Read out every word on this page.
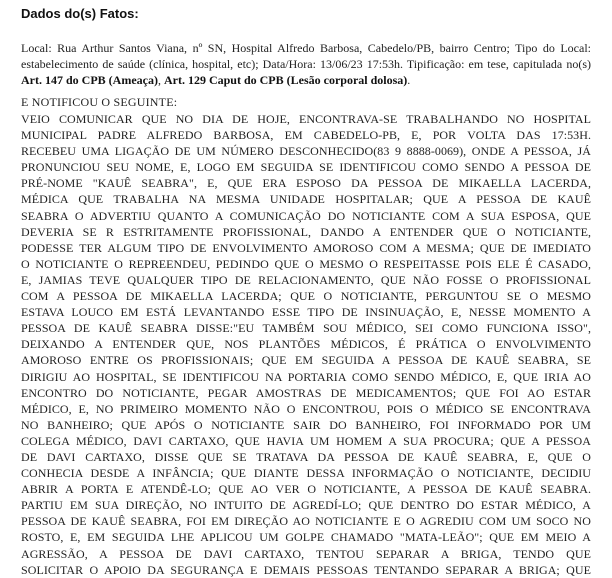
Dados do(s) Fatos:
Local: Rua Arthur Santos Viana, nº SN, Hospital Alfredo Barbosa, Cabedelo/PB, bairro Centro; Tipo do Local: estabelecimento de saúde (clínica, hospital, etc); Data/Hora: 13/06/23 17:53h. Tipificação: em tese, capitulada no(s) Art. 147 do CPB (Ameaça), Art. 129 Caput do CPB (Lesão corporal dolosa).
E NOTIFICOU O SEGUINTE:
VEIO COMUNICAR QUE NO DIA DE HOJE, ENCONTRAVA-SE TRABALHANDO NO HOSPITAL
MUNICIPAL PADRE ALFREDO BARBOSA, EM CABEDELO-PB, E, POR VOLTA DAS 17:53H.
RECEBEU UMA LIGAÇÃO DE UM NÚMERO DESCONHECIDO(83 9 8888-0069), ONDE A PESSOA, JÁ
PRONUNCIOU SEU NOME, E, LOGO EM SEGUIDA SE IDENTIFICOU COMO SENDO A PESSOA DE
PRÉ-NOME "KAUÊ SEABRA", E, QUE ERA ESPOSO DA PESSOA DE MIKAELLA LACERDA,
MÉDICA QUE TRABALHA NA MESMA UNIDADE HOSPITALAR; QUE A PESSOA DE KAUÊ
SEABRA O ADVERTIU QUANTO A COMUNICAÇÃO DO NOTICIANTE COM A SUA ESPOSA, QUE
DEVERIA SE R ESTRITAMENTE PROFISSIONAL, DANDO A ENTENDER QUE O NOTICIANTE,
PODESSE TER ALGUM TIPO DE ENVOLVIMENTO AMOROSO COM A MESMA; QUE DE IMEDIATO
O NOTICIANTE O REPREENDEU, PEDINDO QUE O MESMO O RESPEITASSE POIS ELE É CASADO,
E, JAMIAS TEVE QUALQUER TIPO DE RELACIONAMENTO, QUE NÃO FOSSE O PROFISSIONAL
COM A PESSOA DE MIKAELLA LACERDA; QUE O NOTICIANTE, PERGUNTOU SE O MESMO
ESTAVA LOUCO EM ESTÁ LEVANTANDO ESSE TIPO DE INSINUAÇÃO, E, NESSE MOMENTO A
PESSOA DE KAUÊ SEABRA DISSE:"EU TAMBÉM SOU MÉDICO, SEI COMO FUNCIONA ISSO",
DEIXANDO A ENTENDER QUE, NOS PLANTÕES MÉDICOS, É PRÁTICA O ENVOLVIMENTO
AMOROSO ENTRE OS PROFISSIONAIS; QUE EM SEGUIDA A PESSOA DE KAUÊ SEABRA, SE
DIRIGIU AO HOSPITAL, SE IDENTIFICOU NA PORTARIA COMO SENDO MÉDICO, E, QUE IRIA AO
ENCONTRO DO NOTICIANTE, PEGAR AMOSTRAS DE MEDICAMENTOS; QUE FOI AO ESTAR
MÉDICO, E, NO PRIMEIRO MOMENTO NÃO O ENCONTROU, POIS O MÉDICO SE ENCONTRAVA
NO BANHEIRO; QUE APÓS O NOTICIANTE SAIR DO BANHEIRO, FOI INFORMADO POR UM
COLEGA MÉDICO, DAVI CARTAXO, QUE HAVIA UM HOMEM A SUA PROCURA; QUE A PESSOA
DE DAVI CARTAXO, DISSE QUE SE TRATAVA DA PESSOA DE KAUÊ SEABRA, E, QUE O
CONHECIA DESDE A INFÂNCIA; QUE DIANTE DESSA INFORMAÇÃO O NOTICIANTE, DECIDIU
ABRIR A PORTA E ATENDÊ-LO; QUE AO VER O NOTICIANTE, A PESSOA DE KAUÊ SEABRA.
PARTIU EM SUA DIREÇÃO, NO INTUITO DE AGREDÍ-LO; QUE DENTRO DO ESTAR MÉDICO, A
PESSOA DE KAUÊ SEABRA, FOI EM DIREÇÃO AO NOTICIANTE E O AGREDIU COM UM SOCO NO
ROSTO, E, EM SEGUIDA LHE APLICOU UM GOLPE CHAMADO "MATA-LEÃO"; QUE EM MEIO A
AGRESSÃO, A PESSOA DE DAVI CARTAXO, TENTOU SEPARAR A BRIGA, TENDO QUE
SOLICITAR O APOIO DA SEGURANÇA E DEMAIS PESSOAS TENTANDO SEPARAR A BRIGA; QUE
